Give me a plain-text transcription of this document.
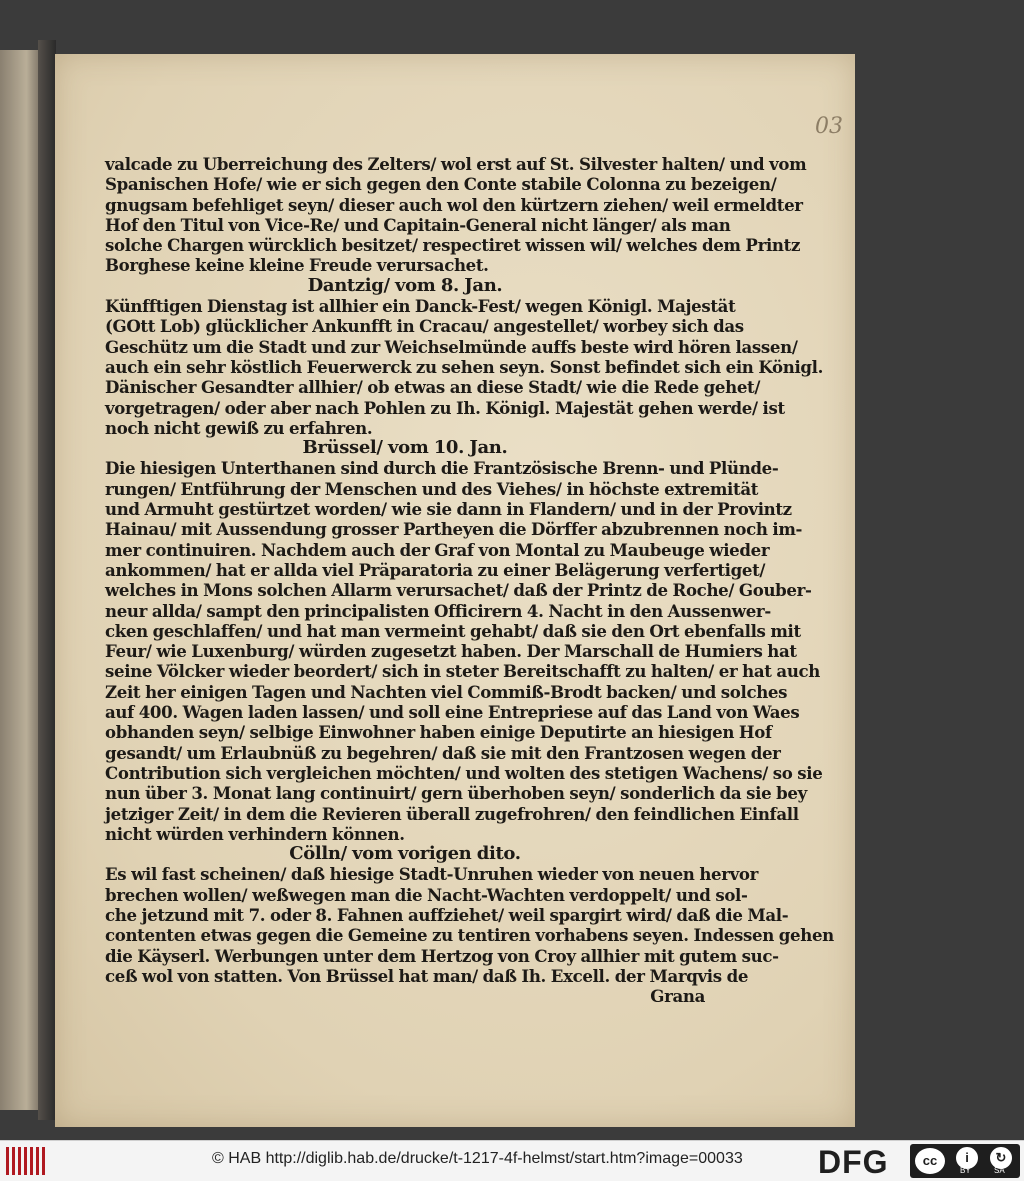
03
valcade zu Uberreichung des Zelters/ wol erst auf St. Silvester halten/ und vom
Spanischen Hofe/ wie er sich gegen den Conte stabile Colonna zu bezeigen/
gnugsam befehliget seyn/ dieser auch wol den kürtzern ziehen/ weil ermeldter
Hof den Titul von Vice-Re/ und Capitain-General nicht länger/ als man
solche Chargen würcklich besitzet/ respectiret wissen wil/ welches dem Printz
Borghese keine kleine Freude verursachet.
Dantzig/ vom 8. Jan.
Künfftigen Dienstag ist allhier ein Danck-Fest/ wegen Königl. Majestät
(GOtt Lob) glücklicher Ankunfft in Cracau/ angestellet/ worbey sich das
Geschütz um die Stadt und zur Weichselmünde auffs beste wird hören lassen/
auch ein sehr köstlich Feuerwerck zu sehen seyn. Sonst befindet sich ein Königl.
Dänischer Gesandter allhier/ ob etwas an diese Stadt/ wie die Rede gehet/
vorgetragen/ oder aber nach Pohlen zu Ih. Königl. Majestät gehen werde/ ist
noch nicht gewiß zu erfahren.
Brüssel/ vom 10. Jan.
Die hiesigen Unterthanen sind durch die Frantzösische Brenn- und Plünde-
rungen/ Entführung der Menschen und des Viehes/ in höchste extremität
und Armuht gestürtzet worden/ wie sie dann in Flandern/ und in der Provintz
Hainau/ mit Aussendung grosser Partheyen die Dörffer abzubrennen noch im-
mer continuiren. Nachdem auch der Graf von Montal zu Maubeuge wieder
ankommen/ hat er allda viel Präparatoria zu einer Belägerung verfertiget/
welches in Mons solchen Allarm verursachet/ daß der Printz de Roche/ Gouber-
neur allda/ sampt den principalisten Officirern 4. Nacht in den Aussenwer-
cken geschlaffen/ und hat man vermeint gehabt/ daß sie den Ort ebenfalls mit
Feur/ wie Luxenburg/ würden zugesetzt haben. Der Marschall de Humiers hat
seine Völcker wieder beordert/ sich in steter Bereitschafft zu halten/ er hat auch
Zeit her einigen Tagen und Nachten viel Commiß-Brodt backen/ und solches
auf 400. Wagen laden lassen/ und soll eine Entrepriese auf das Land von Waes
obhanden seyn/ selbige Einwohner haben einige Deputirte an hiesigen Hof
gesandt/ um Erlaubnüß zu begehren/ daß sie mit den Frantzosen wegen der
Contribution sich vergleichen möchten/ und wolten des stetigen Wachens/ so sie
nun über 3. Monat lang continuirt/ gern überhoben seyn/ sonderlich da sie bey
jetziger Zeit/ in dem die Revieren überall zugefrohren/ den feindlichen Einfall
nicht würden verhindern können.
Cölln/ vom vorigen dito.
Es wil fast scheinen/ daß hiesige Stadt-Unruhen wieder von neuen hervor
brechen wollen/ weßwegen man die Nacht-Wachten verdoppelt/ und sol-
che jetzund mit 7. oder 8. Fahnen auffziehet/ weil spargirt wird/ daß die Mal-
contenten etwas gegen die Gemeine zu tentiren vorhabens seyen. Indessen gehen
die Käyserl. Werbungen unter dem Hertzog von Croy allhier mit gutem suc-
ceß wol von statten. Von Brüssel hat man/ daß Ih. Excell. der Marqvis de
Grana
© HAB http://diglib.hab.de/drucke/t-1217-4f-helmst/start.htm?image=00033 DFG	cc	i	↻
BY	SA
